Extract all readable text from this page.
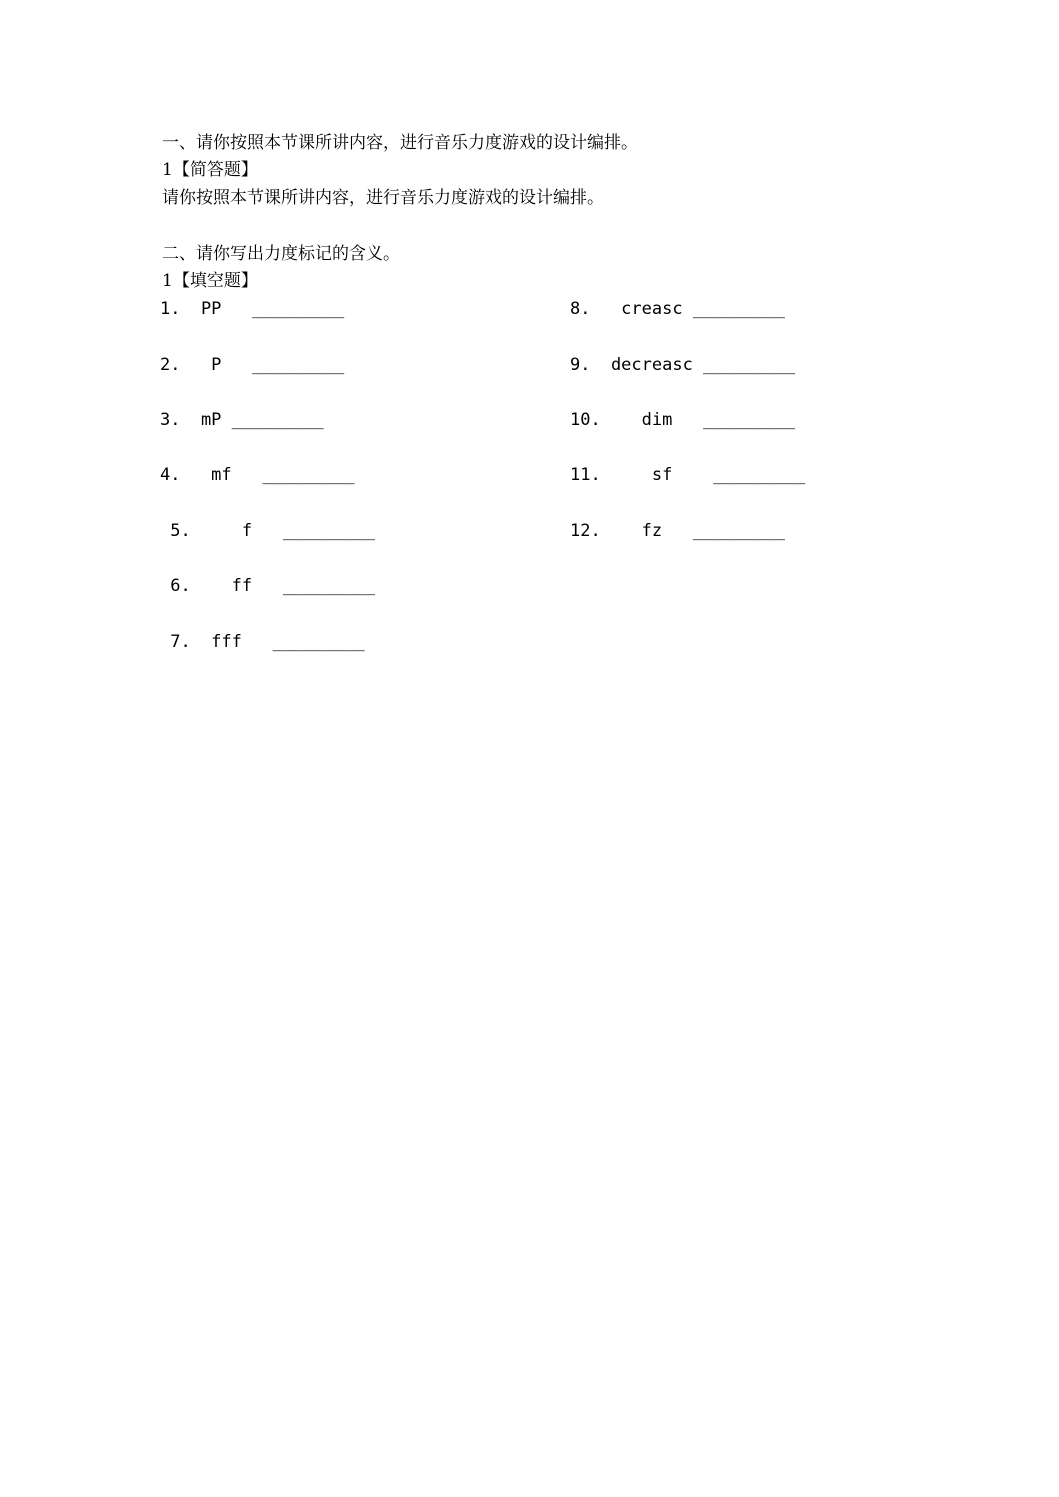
一、请你按照本节课所讲内容，进行音乐力度游戏的设计编排。
1【简答题】
请你按照本节课所讲内容，进行音乐力度游戏的设计编排。
二、请你写出力度标记的含义。
1【填空题】
1.  PP   _________
2.   P   _________
3.  mP _________
4.   mf   _________
5.     f   _________
6.    ff   _________
7.  fff   _________
8.   creasc _________
9.  decreasc _________
10.    dim   _________
11.     sf    _________
12.    fz   _________
